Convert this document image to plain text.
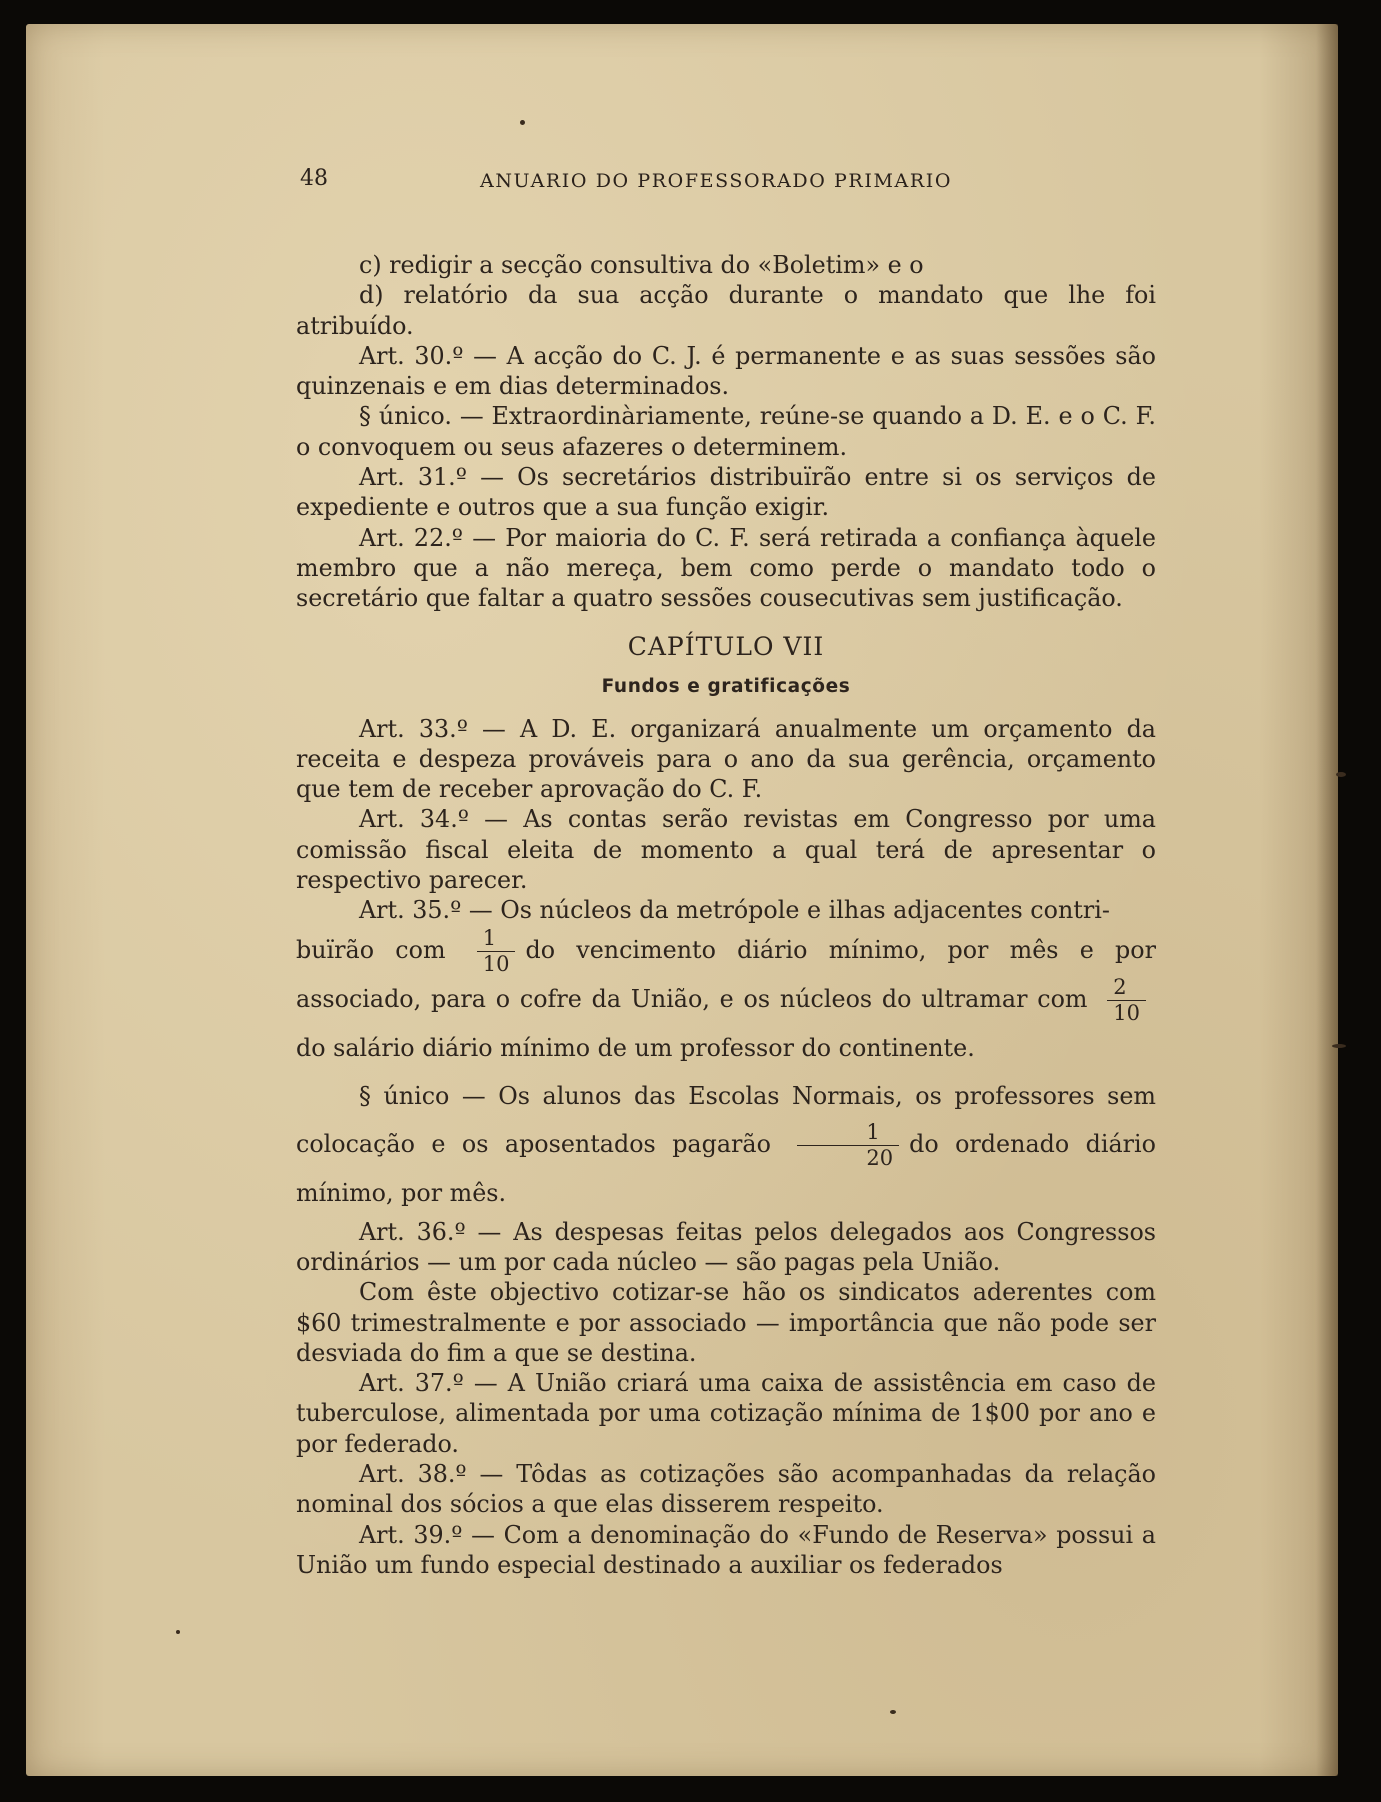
48	ANUARIO DO PROFESSORADO PRIMARIO

c) redigir a secção consultiva do «Boletim» e o

d) relatório da sua acção durante o mandato que lhe foi atribuído.

Art. 30.º — A acção do C. J. é permanente e as suas sessões são quinzenais e em dias determinados.

§ único. — Extraordinàriamente, reúne-se quando a D. E. e o C. F. o convoquem ou seus afazeres o determinem.

Art. 31.º — Os secretários distribuïrão entre si os serviços de expediente e outros que a sua função exigir.

Art. 22.º — Por maioria do C. F. será retirada a confiança àquele membro que a não mereça, bem como perde o mandato todo o secretário que faltar a quatro sessões cousecutivas sem justificação.

CAPÍTULO VII
Fundos e gratificações

Art. 33.º — A D. E. organizará anualmente um orçamento da receita e despeza prováveis para o ano da sua gerência, orçamento que tem de receber aprovação do C. F.

Art. 34.º — As contas serão revistas em Congresso por uma comissão fiscal eleita de momento a qual terá de apresentar o respectivo parecer.

Art. 35.º — Os núcleos da metrópole e ilhas adjacentes contri-

buïrão com $\frac{1}{10}$ do vencimento diário mínimo, por mês e por associado, para o cofre da União, e os núcleos do ultramar com $\frac{2}{10}$
do salário diário mínimo de um professor do continente.

§ único — Os alunos das Escolas Normais, os professores sem colocação e os aposentados pagarão $\frac{1}{20}$ do ordenado diário mínimo, por mês.

Art. 36.º — As despesas feitas pelos delegados aos Congressos ordinários — um por cada núcleo — são pagas pela União.

Com êste objectivo cotizar-se hão os sindicatos aderentes com $60 trimestralmente e por associado — importância que não pode ser desviada do fim a que se destina.

Art. 37.º — A União criará uma caixa de assistência em caso de tuberculose, alimentada por uma cotização mínima de 1$00 por ano e por federado.

Art. 38.º — Tôdas as cotizações são acompanhadas da relação nominal dos sócios a que elas disserem respeito.

Art. 39.º — Com a denominação do «Fundo de Reserva» possui a União um fundo especial destinado a auxiliar os federados
